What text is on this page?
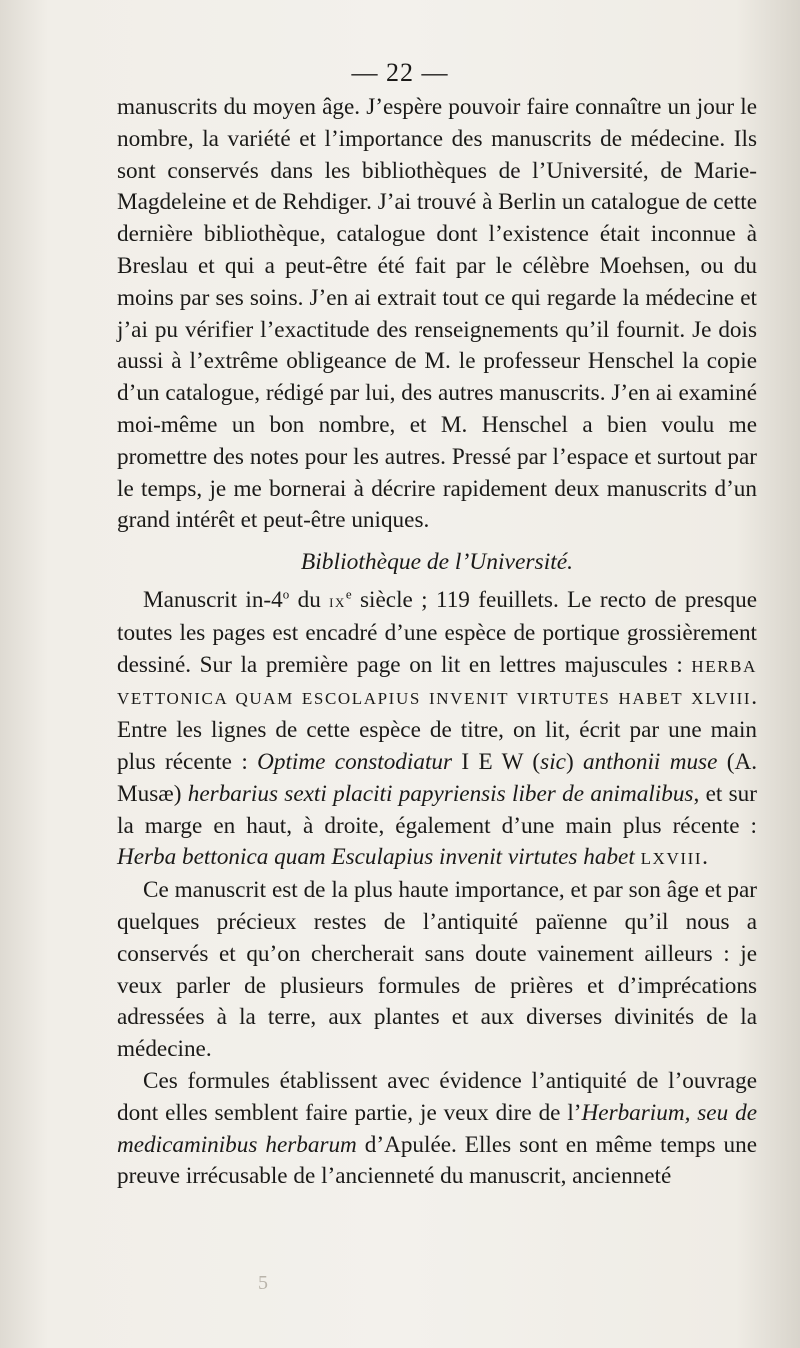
— 22 —

manuscrits du moyen âge. J’espère pouvoir faire connaître un jour le nombre, la variété et l’importance des manuscrits de médecine. Ils sont conservés dans les bibliothèques de l’Université, de Marie-Magdeleine et de Rehdiger. J’ai trouvé à Berlin un catalogue de cette dernière bibliothèque, catalogue dont l’existence était inconnue à Breslau et qui a peut-être été fait par le célèbre Moehsen, ou du moins par ses soins. J’en ai extrait tout ce qui regarde la médecine et j’ai pu vérifier l’exactitude des renseignements qu’il fournit. Je dois aussi à l’extrême obligeance de M. le professeur Henschel la copie d’un catalogue, rédigé par lui, des autres manuscrits. J’en ai examiné moi-même un bon nombre, et M. Henschel a bien voulu me promettre des notes pour les autres. Pressé par l’espace et surtout par le temps, je me bornerai à décrire rapidement deux manuscrits d’un grand intérêt et peut-être uniques.

Bibliothèque de l’Université.

Manuscrit in-4$^o$ du $ix^e$ siècle ; 119 feuillets. Le recto de presque toutes les pages est encadré d’une espèce de portique grossièrement dessiné. Sur la première page on lit en lettres majuscules : HERBA VETTONICA QUAM ESCOLAPIUS INVENIT VIRTUTES HABET XLVIII. Entre les lignes de cette espèce de titre, on lit, écrit par une main plus récente : Optime constodiatur I E W (sic) anthonii muse (A. Musæ) herbarius sexti placiti papyriensis liber de animalibus, et sur la marge en haut, à droite, également d’une main plus récente : Herba bettonica quam Esculapius invenit virtutes habet LXVIII.

Ce manuscrit est de la plus haute importance, et par son âge et par quelques précieux restes de l’antiquité païenne qu’il nous a conservés et qu’on chercherait sans doute vainement ailleurs : je veux parler de plusieurs formules de prières et d’imprécations adressées à la terre, aux plantes et aux diverses divinités de la médecine.

Ces formules établissent avec évidence l’antiquité de l’ouvrage dont elles semblent faire partie, je veux dire de l’Herbarium, seu de medicaminibus herbarum d’Apulée. Elles sont en même temps une preuve irrécusable de l’ancienneté du manuscrit, ancienneté

5
